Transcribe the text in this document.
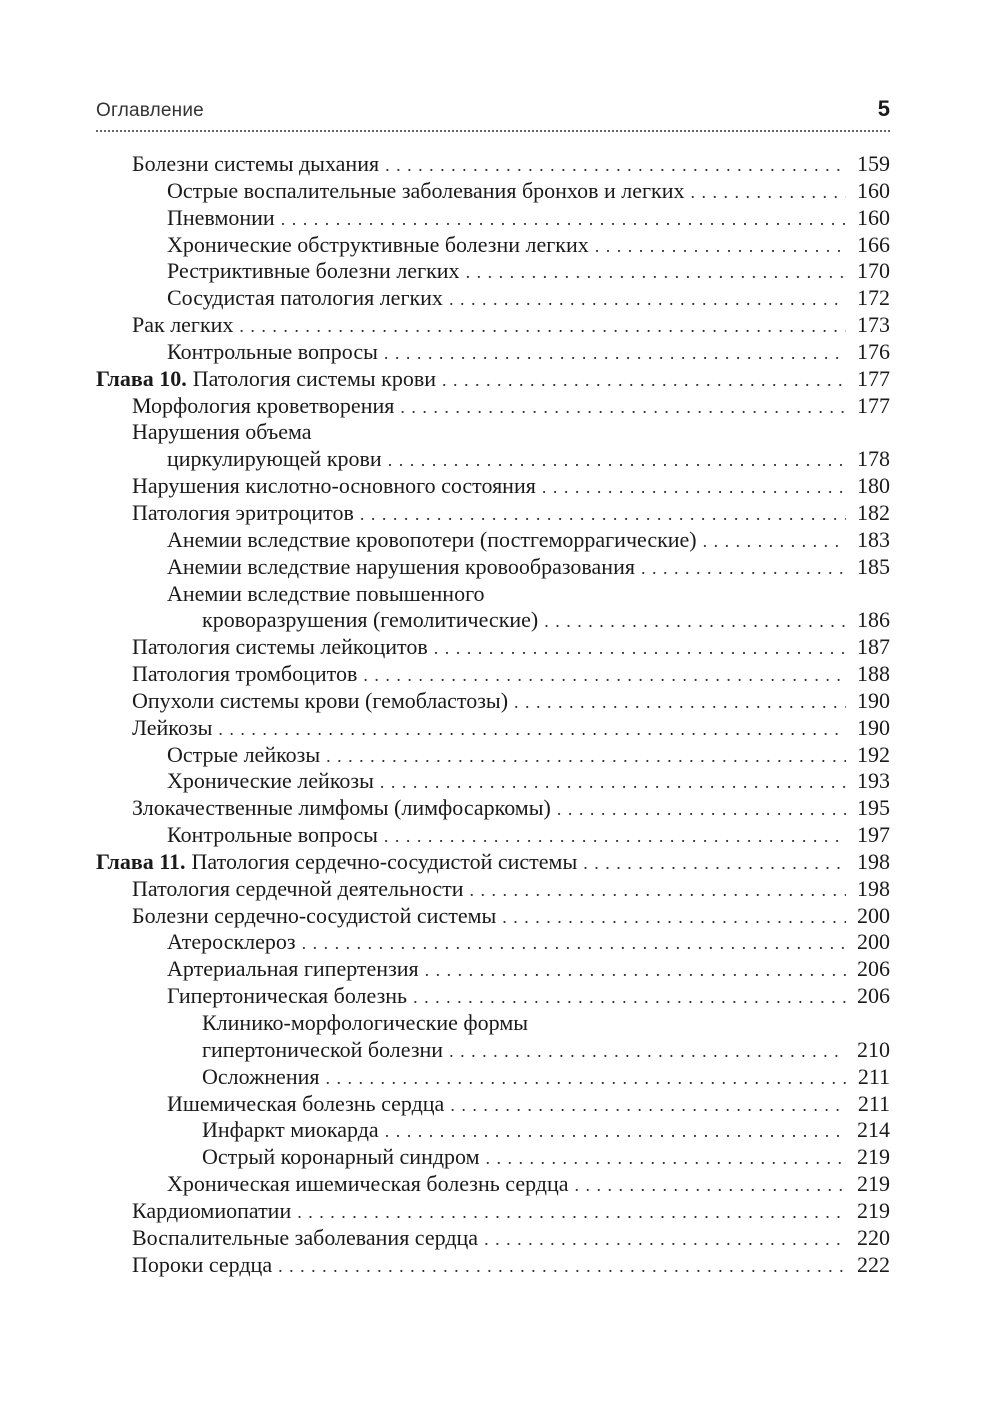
Оглавление	5
Болезни системы дыхания . . .	159
Острые воспалительные заболевания бронхов и легких . . .	160
Пневмонии . . .	160
Хронические обструктивные болезни легких . . .	166
Рестриктивные болезни легких . . .	170
Сосудистая патология легких . . .	172
Рак легких . . .	173
Контрольные вопросы . . .	176
Глава 10. Патология системы крови . . .	177
Морфология кроветворения . . .	177
Нарушения объема
циркулирующей крови . . .	178
Нарушения кислотно-основного состояния . . .	180
Патология эритроцитов . . .	182
Анемии вследствие кровопотери (постгеморрагические) . . .	183
Анемии вследствие нарушения кровообразования . . .	185
Анемии вследствие повышенного
кроворазрушения (гемолитические) . . .	186
Патология системы лейкоцитов . . .	187
Патология тромбоцитов . . .	188
Опухоли системы крови (гемобластозы) . . .	190
Лейкозы . . .	190
Острые лейкозы . . .	192
Хронические лейкозы . . .	193
Злокачественные лимфомы (лимфосаркомы) . . .	195
Контрольные вопросы . . .	197
Глава 11. Патология сердечно-сосудистой системы . . .	198
Патология сердечной деятельности . . .	198
Болезни сердечно-сосудистой системы . . .	200
Атеросклероз . . .	200
Артериальная гипертензия . . .	206
Гипертоническая болезнь . . .	206
Клинико-морфологические формы
гипертонической болезни . . .	210
Осложнения . . .	211
Ишемическая болезнь сердца . . .	211
Инфаркт миокарда . . .	214
Острый коронарный синдром . . .	219
Хроническая ишемическая болезнь сердца . . .	219
Кардиомиопатии . . .	219
Воспалительные заболевания сердца . . .	220
Пороки сердца . . .	222
